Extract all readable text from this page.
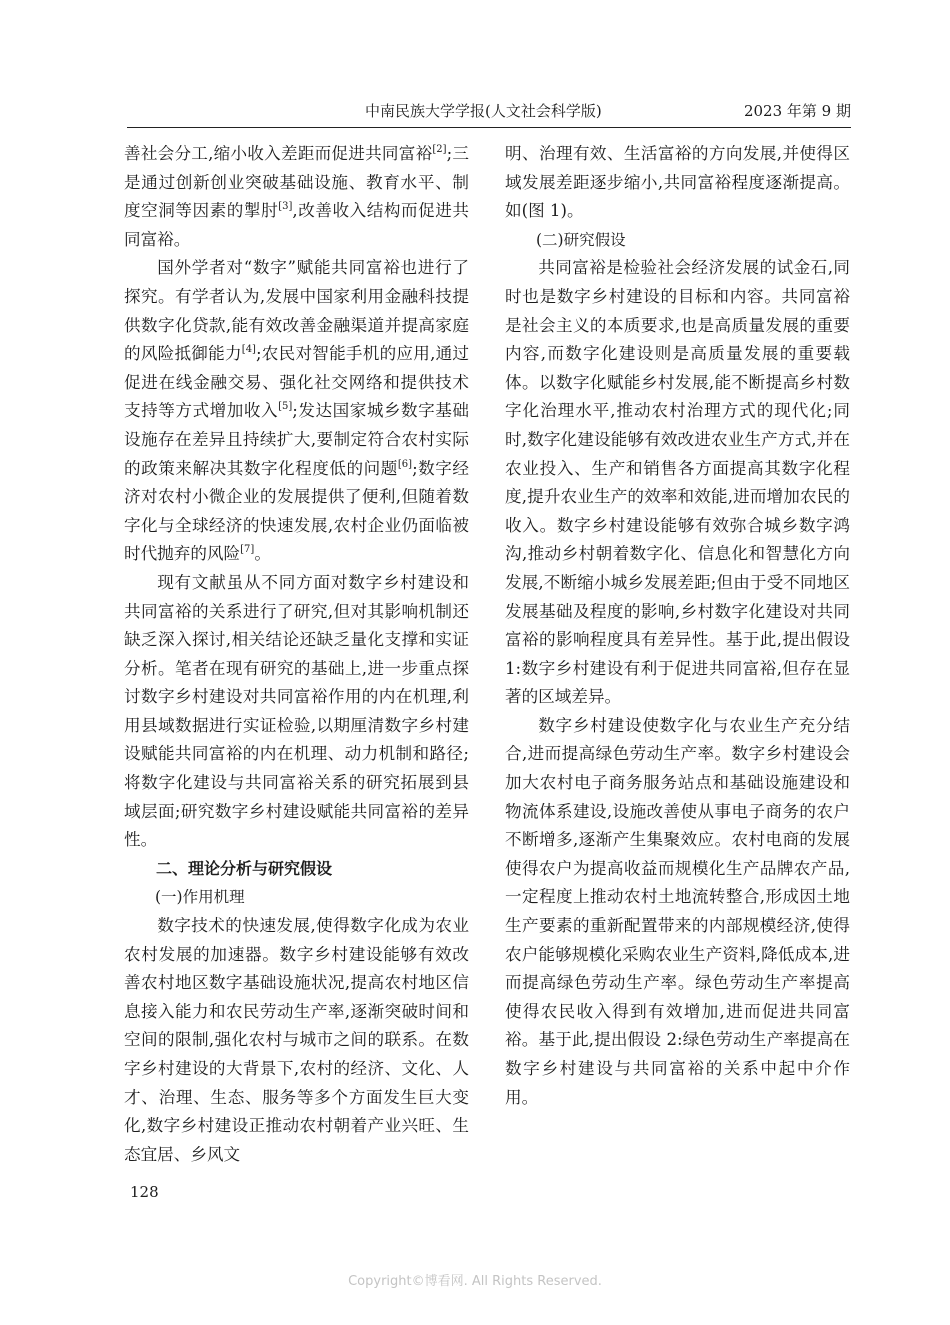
中南民族大学学报(人文社会科学版)	2023 年第 9 期

善社会分工,缩小收入差距而促进共同富裕[2];三是通过创新创业突破基础设施、教育水平、制度空洞等因素的掣肘[3],改善收入结构而促进共同富裕。

国外学者对“数字”赋能共同富裕也进行了探究。有学者认为,发展中国家利用金融科技提供数字化贷款,能有效改善金融渠道并提高家庭的风险抵御能力[4];农民对智能手机的应用,通过促进在线金融交易、强化社交网络和提供技术支持等方式增加收入[5];发达国家城乡数字基础设施存在差异且持续扩大,要制定符合农村实际的政策来解决其数字化程度低的问题[6];数字经济对农村小微企业的发展提供了便利,但随着数字化与全球经济的快速发展,农村企业仍面临被时代抛弃的风险[7]。

现有文献虽从不同方面对数字乡村建设和共同富裕的关系进行了研究,但对其影响机制还缺乏深入探讨,相关结论还缺乏量化支撑和实证分析。笔者在现有研究的基础上,进一步重点探讨数字乡村建设对共同富裕作用的内在机理,利用县域数据进行实证检验,以期厘清数字乡村建设赋能共同富裕的内在机理、动力机制和路径;将数字化建设与共同富裕关系的研究拓展到县域层面;研究数字乡村建设赋能共同富裕的差异性。

二、理论分析与研究假设

(一)作用机理

数字技术的快速发展,使得数字化成为农业农村发展的加速器。数字乡村建设能够有效改善农村地区数字基础设施状况,提高农村地区信息接入能力和农民劳动生产率,逐渐突破时间和空间的限制,强化农村与城市之间的联系。在数字乡村建设的大背景下,农村的经济、文化、人才、治理、生态、服务等多个方面发生巨大变化,数字乡村建设正推动农村朝着产业兴旺、生态宜居、乡风文

明、治理有效、生活富裕的方向发展,并使得区域发展差距逐步缩小,共同富裕程度逐渐提高。如(图 1)。

(二)研究假设

共同富裕是检验社会经济发展的试金石,同时也是数字乡村建设的目标和内容。共同富裕是社会主义的本质要求,也是高质量发展的重要内容,而数字化建设则是高质量发展的重要载体。以数字化赋能乡村发展,能不断提高乡村数字化治理水平,推动农村治理方式的现代化;同时,数字化建设能够有效改进农业生产方式,并在农业投入、生产和销售各方面提高其数字化程度,提升农业生产的效率和效能,进而增加农民的收入。数字乡村建设能够有效弥合城乡数字鸿沟,推动乡村朝着数字化、信息化和智慧化方向发展,不断缩小城乡发展差距;但由于受不同地区发展基础及程度的影响,乡村数字化建设对共同富裕的影响程度具有差异性。基于此,提出假设 1:数字乡村建设有利于促进共同富裕,但存在显著的区域差异。

数字乡村建设使数字化与农业生产充分结合,进而提高绿色劳动生产率。数字乡村建设会加大农村电子商务服务站点和基础设施建设和物流体系建设,设施改善使从事电子商务的农户不断增多,逐渐产生集聚效应。农村电商的发展使得农户为提高收益而规模化生产品牌农产品,一定程度上推动农村土地流转整合,形成因土地生产要素的重新配置带来的内部规模经济,使得农户能够规模化采购农业生产资料,降低成本,进而提高绿色劳动生产率。绿色劳动生产率提高使得农民收入得到有效增加,进而促进共同富裕。基于此,提出假设 2:绿色劳动生产率提高在数字乡村建设与共同富裕的关系中起中介作用。

128
Copyright©博看网. All Rights Reserved.
